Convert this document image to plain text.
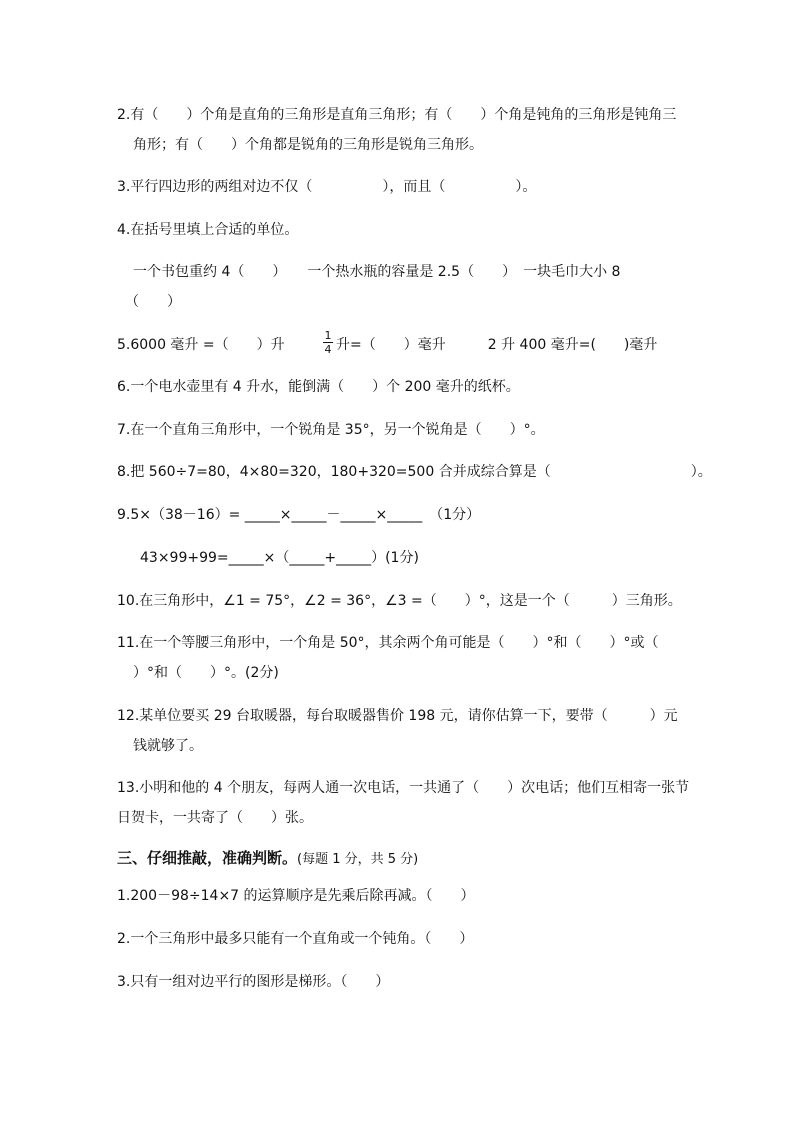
2.有（　　）个角是直角的三角形是直角三角形；有（　　）个角是钝角的三角形是钝角三
角形；有（　　）个角都是锐角的三角形是锐角三角形。
3.平行四边形的两组对边不仅（　　　　　），而且（　　　　　）。
4.在括号里填上合适的单位。
一个书包重约 4（　　）　　一个热水瓶的容量是 2.5（　　）　一块毛巾大小 8
（　　）
5.6000 毫升 =（　　）升	$\frac{1}{4}$ 升=（　　）毫升　　　2 升 400 毫升=(　　)毫升
6.一个电水壶里有 4 升水，能倒满（　　）个 200 毫升的纸杯。
7.在一个直角三角形中，一个锐角是 35°，另一个锐角是（　　）°。
8.把 560÷7=80，4×80=320，180+320=500 合并成综合算是（　　　　　　　　　　）。
9.5×（38－16）= _____×_____－_____×_____　（1分）
43×99+99=_____×（_____+_____）(1分)
10.在三角形中，∠1 = 75°，∠2 = 36°，∠3 =（　　）°，这是一个（　　　）三角形。
11.在一个等腰三角形中，一个角是 50°，其余两个角可能是（　　）°和（　　）°或（
）°和（　　）°。(2分)
12.某单位要买 29 台取暖器，每台取暖器售价 198 元，请你估算一下，要带（　　　）元
钱就够了。
13.小明和他的 4 个朋友，每两人通一次电话，一共通了（　　）次电话；他们互相寄一张节
日贺卡，一共寄了（　　）张。
三、仔细推敲，准确判断。(每题 1 分，共 5 分)
1.200－98÷14×7 的运算顺序是先乘后除再减。（　　）
2.一个三角形中最多只能有一个直角或一个钝角。（　　）
3.只有一组对边平行的图形是梯形。（　　）
